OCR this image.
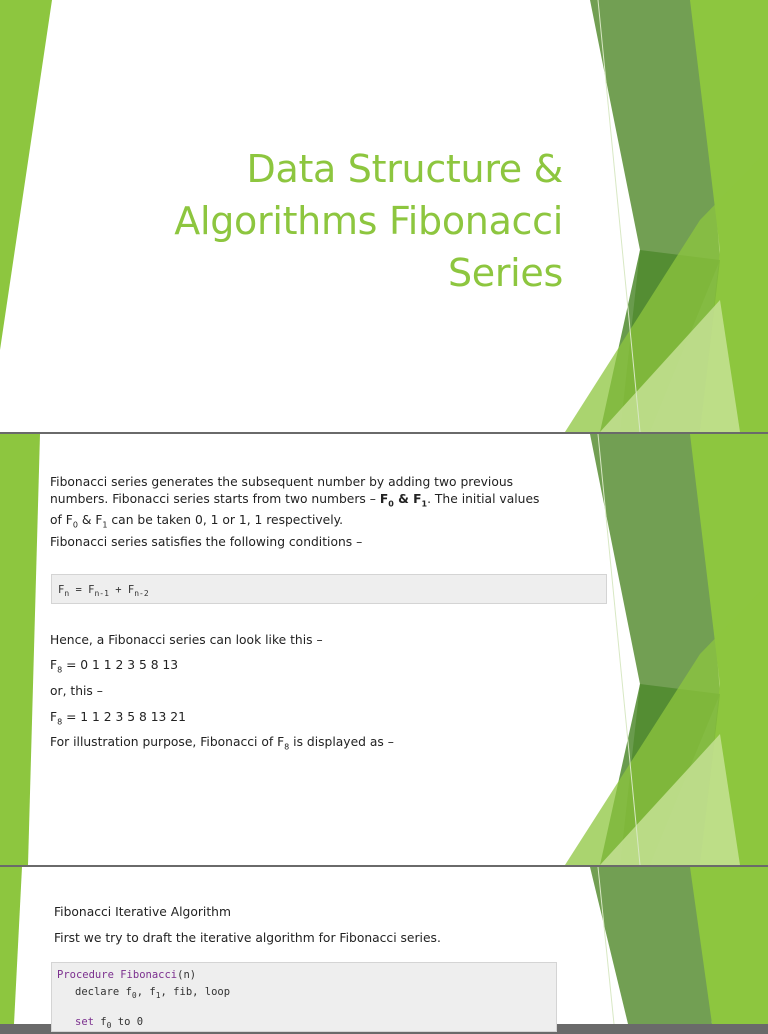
Data Structure &
Algorithms Fibonacci
Series
Fibonacci series generates the subsequent number by adding two previous
numbers. Fibonacci series starts from two numbers – $F_0$ & $F_1$. The initial values
of $F_0$ & $F_1$ can be taken 0, 1 or 1, 1 respectively.
Fibonacci series satisfies the following conditions –
$F_n = F_{n-1} + F_{n-2}$
Hence, a Fibonacci series can look like this –
$F_8 = 0$ 1 1 2 3 5 8 13
or, this –
$F_8 = 1$ 1 2 3 5 8 13 21
For illustration purpose, Fibonacci of $F_8$ is displayed as –
Fibonacci Iterative Algorithm
First we try to draft the iterative algorithm for Fibonacci series.
Procedure Fibonacci(n)
declare $f_0$, $f_1$, fib, loop
set $f_0$ to 0
